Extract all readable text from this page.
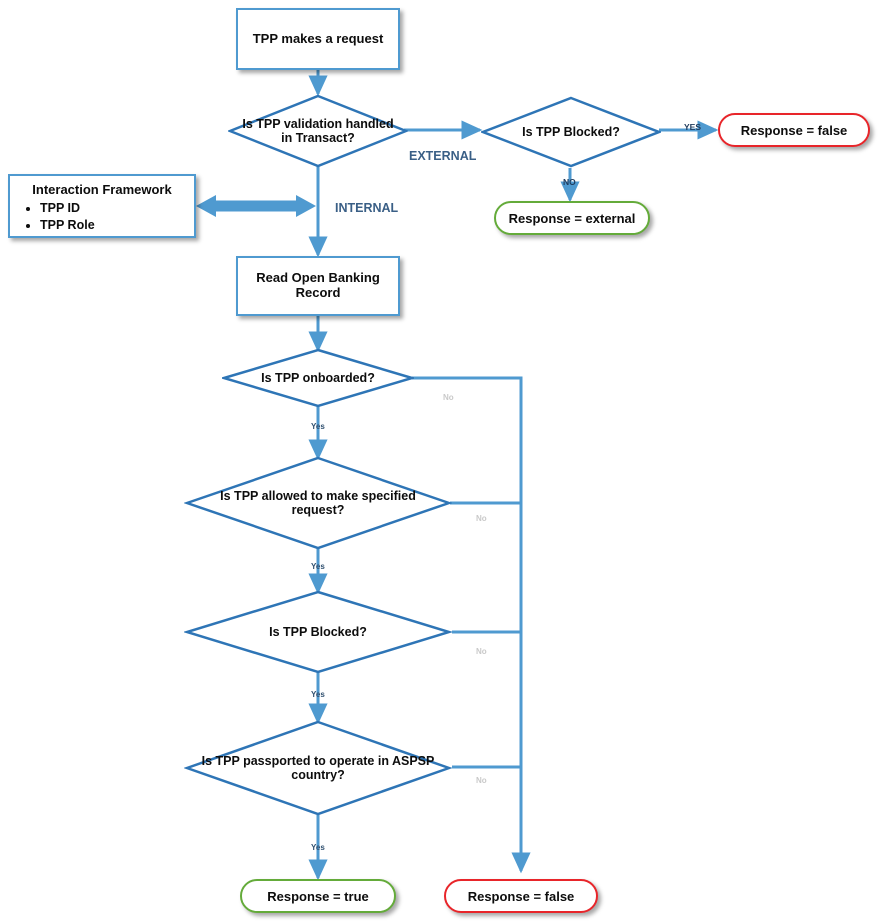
TPP makes a request
Is TPP validation handled in Transact?	Is TPP Blocked?	Response = false
Response = external
Interaction Framework
• TPP ID
• TPP Role
Read Open Banking Record
Is TPP onboarded?
Is TPP allowed to make specified request?
Is TPP Blocked?
Is TPP passported to operate in ASPSP country?
Response = true	Response = false
EXTERNAL
INTERNAL
YES
NO
Yes
No
Yes
No
Yes
No
Yes
No
